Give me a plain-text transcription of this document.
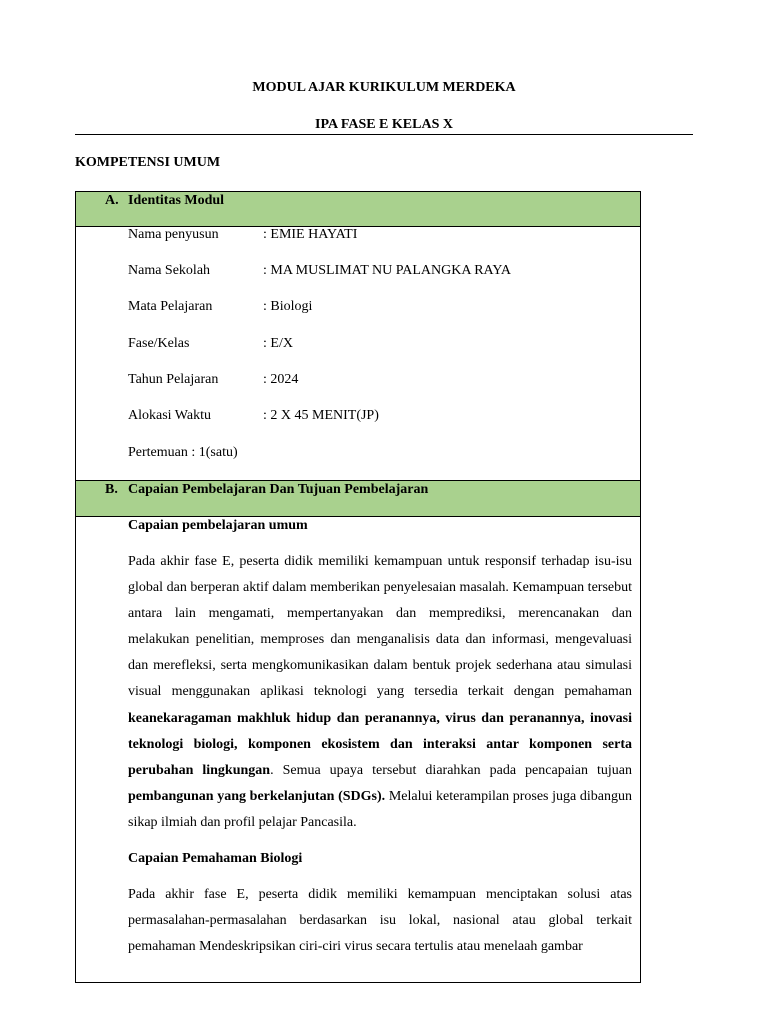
MODUL AJAR KURIKULUM MERDEKA
IPA FASE E KELAS X
KOMPETENSI UMUM
A. Identitas Modul
Nama penyusun	: EMIE HAYATI
Nama Sekolah	: MA MUSLIMAT NU PALANGKA RAYA
Mata Pelajaran	: Biologi
Fase/Kelas	: E/X
Tahun Pelajaran	: 2024
Alokasi Waktu	: 2 X 45 MENIT(JP)
Pertemuan : 1(satu)
B. Capaian Pembelajaran Dan Tujuan Pembelajaran

Capaian pembelajaran umum

Pada akhir fase E, peserta didik memiliki kemampuan untuk responsif terhadap isu-isu global dan berperan aktif dalam memberikan penyelesaian masalah. Kemampuan tersebut antara lain mengamati, mempertanyakan dan memprediksi, merencanakan dan melakukan penelitian, memproses dan menganalisis data dan informasi, mengevaluasi dan merefleksi, serta mengkomunikasikan dalam bentuk projek sederhana atau simulasi visual menggunakan aplikasi teknologi yang tersedia terkait dengan pemahaman keanekaragaman makhluk hidup dan peranannya, virus dan peranannya, inovasi teknologi biologi, komponen ekosistem dan interaksi antar komponen serta perubahan lingkungan. Semua upaya tersebut diarahkan pada pencapaian tujuan pembangunan yang berkelanjutan (SDGs). Melalui keterampilan proses juga dibangun sikap ilmiah dan profil pelajar Pancasila.

Capaian Pemahaman Biologi

Pada akhir fase E, peserta didik memiliki kemampuan menciptakan solusi atas permasalahan-permasalahan berdasarkan isu lokal, nasional atau global terkait pemahaman Mendeskripsikan ciri-ciri virus secara tertulis atau menelaah gambar
